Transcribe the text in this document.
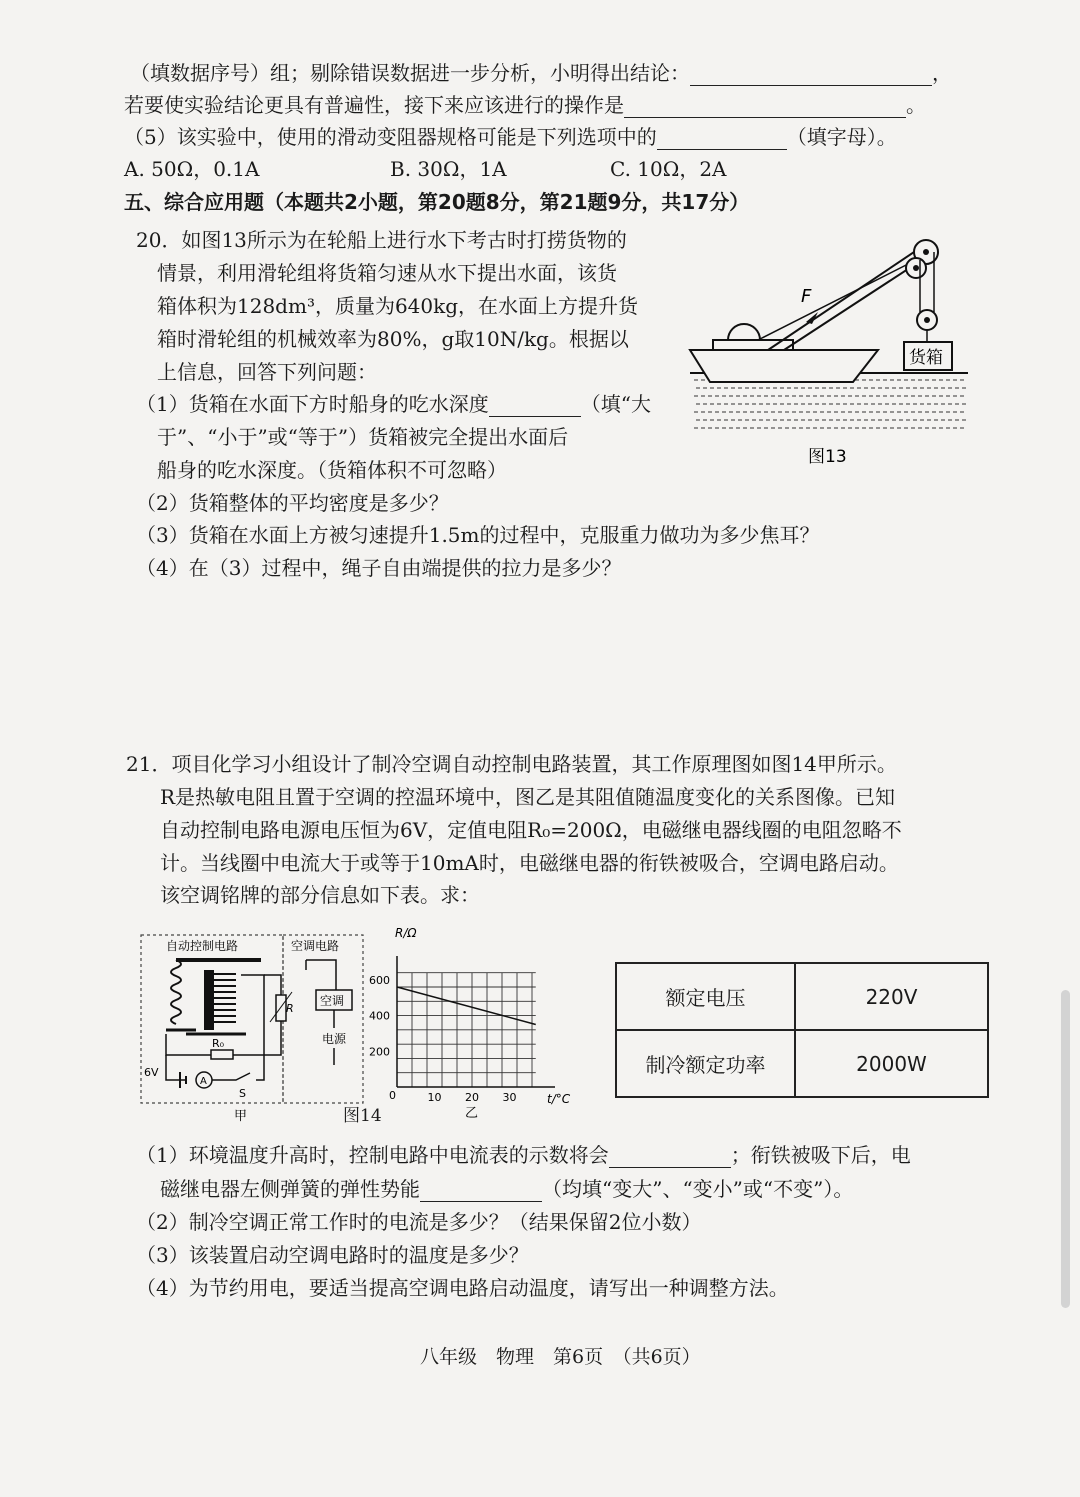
（填数据序号）组；剔除错误数据进一步分析，小明得出结论：	，
若要使实验结论更具有普遍性，接下来应该进行的操作是	。
（5）该实验中，使用的滑动变阻器规格可能是下列选项中的	（填字母）。
A. 50Ω，0.1A	B. 30Ω，1A	C. 10Ω，2A
五、综合应用题（本题共2小题，第20题8分，第21题9分，共17分）
20．如图13所示为在轮船上进行水下考古时打捞货物的
情景，利用滑轮组将货箱匀速从水下提出水面，该货
箱体积为128dm³，质量为640kg，在水面上方提升货
箱时滑轮组的机械效率为80%，g取10N/kg。根据以
上信息，回答下列问题：
（1）货箱在水面下方时船身的吃水深度	（填“大
于”、“小于”或“等于”）货箱被完全提出水面后
船身的吃水深度。（货箱体积不可忽略）
（2）货箱整体的平均密度是多少？
（3）货箱在水面上方被匀速提升1.5m的过程中，克服重力做功为多少焦耳？
（4）在（3）过程中，绳子自由端提供的拉力是多少？
F
货箱
图13
21．项目化学习小组设计了制冷空调自动控制电路装置，其工作原理图如图14甲所示。
R是热敏电阻且置于空调的控温环境中，图乙是其阻值随温度变化的关系图像。已知
自动控制电路电源电压恒为6V，定值电阻R₀=200Ω，电磁继电器线圈的电阻忽略不
计。当线圈中电流大于或等于10mA时，电磁继电器的衔铁被吸合，空调电路启动。
该空调铭牌的部分信息如下表。求：
自动控制电路	空调电路
R₀
6V
A
S
R
空调
电源
甲
R/Ω
t/°C
0	10 20 30
200
400
600
乙
图14
额定电压	220V
制冷额定功率	2000W
（1）环境温度升高时，控制电路中电流表的示数将会	；衔铁被吸下后，电
磁继电器左侧弹簧的弹性势能	（均填“变大”、“变小”或“不变”）。
（2）制冷空调正常工作时的电流是多少？（结果保留2位小数）
（3）该装置启动空调电路时的温度是多少？
（4）为节约用电，要适当提高空调电路启动温度，请写出一种调整方法。
八年级　物理　第6页　（共6页）
